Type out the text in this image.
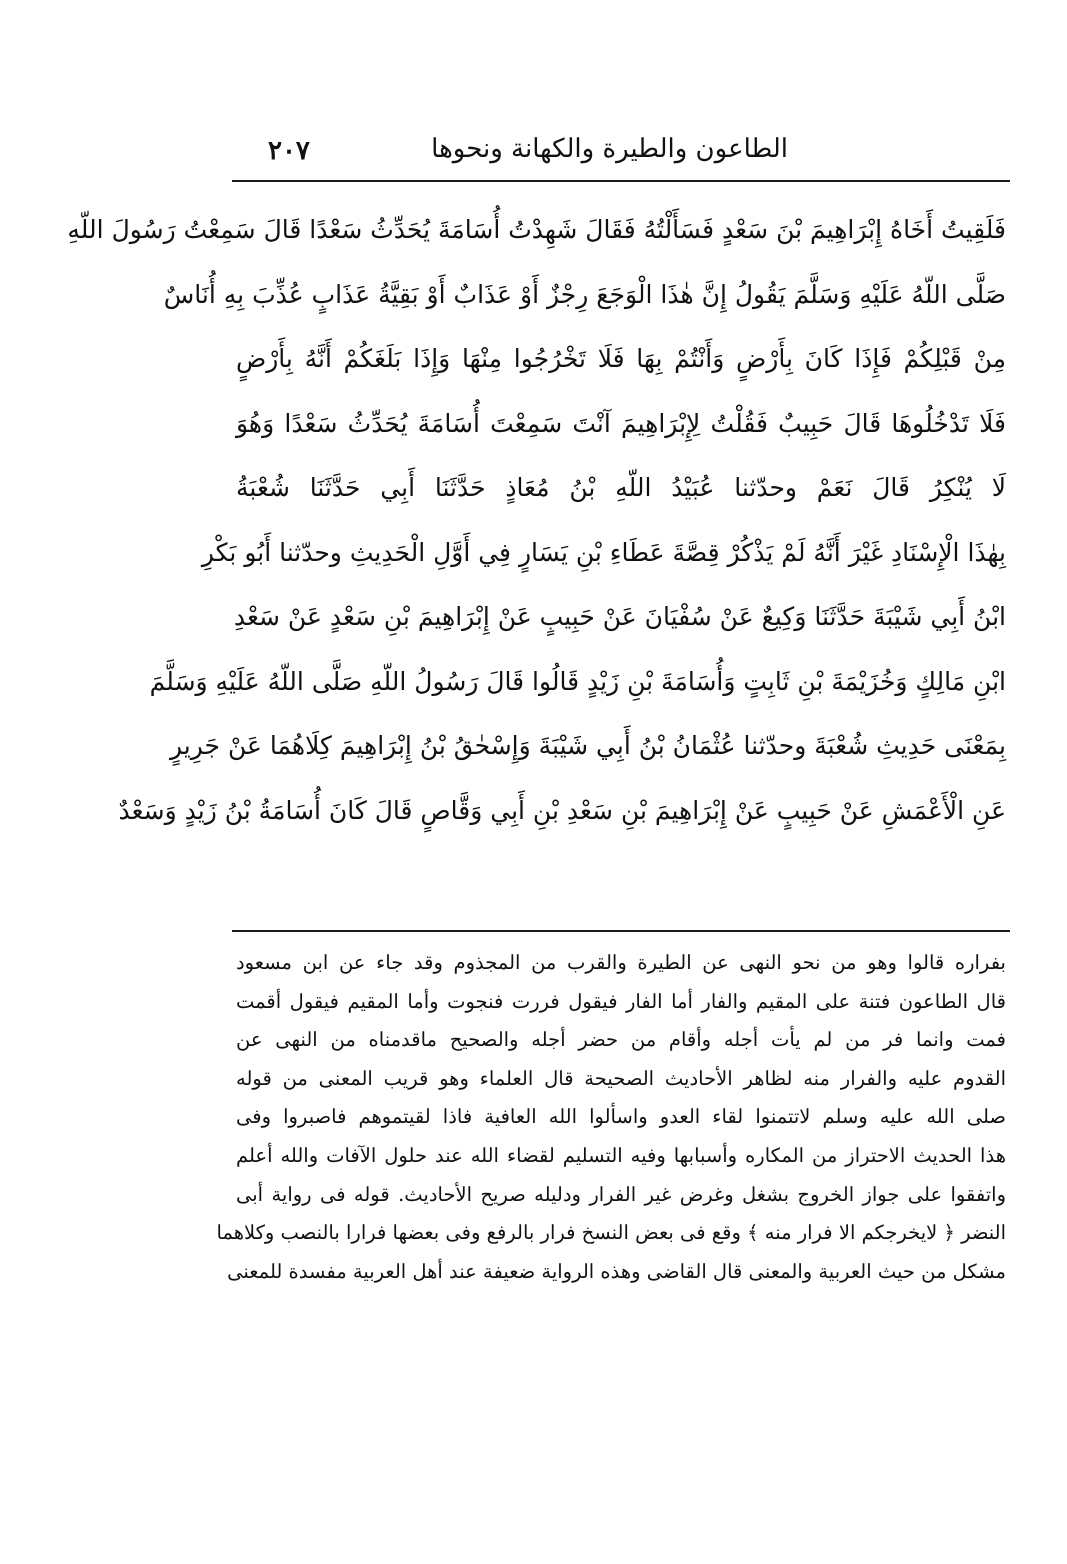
الطاعون والطيرة والكهانة ونحوها
٢٠٧
فَلَقِيتُ أَخَاهُ إِبْرَاهِيمَ بْنَ سَعْدٍ فَسَأَلْتُهُ فَقَالَ شَهِدْتُ أُسَامَةَ يُحَدِّثُ سَعْدًا قَالَ سَمِعْتُ رَسُولَ اللّهِ
صَلَّى اللّهُ عَلَيْهِ وَسَلَّمَ يَقُولُ إِنَّ هٰذَا الْوَجَعَ رِجْزٌ أَوْ عَذَابٌ أَوْ بَقِيَّةُ عَذَابٍ عُذِّبَ بِهِ أُنَاسٌ
مِنْ قَبْلِكُمْ فَإِذَا كَانَ بِأَرْضٍ وَأَنْتُمْ بِهَا فَلَا تَخْرُجُوا مِنْهَا وَإِذَا بَلَغَكُمْ أَنَّهُ بِأَرْضٍ
فَلَا تَدْخُلُوهَا قَالَ حَبِيبٌ فَقُلْتُ لِإِبْرَاهِيمَ آنْتَ سَمِعْتَ أُسَامَةَ يُحَدِّثُ سَعْدًا وَهُوَ
لَا يُنْكِرُ قَالَ نَعَمْ وحدّثنا عُبَيْدُ اللّهِ بْنُ مُعَاذٍ حَدَّثَنَا أَبِي حَدَّثَنَا شُعْبَةُ
بِهٰذَا الْإِسْنَادِ غَيْرَ أَنَّهُ لَمْ يَذْكُرْ قِصَّةَ عَطَاءِ بْنِ يَسَارٍ فِي أَوَّلِ الْحَدِيثِ وحدّثنا أَبُو بَكْرِ
ابْنُ أَبِي شَيْبَةَ حَدَّثَنَا وَكِيعٌ عَنْ سُفْيَانَ عَنْ حَبِيبٍ عَنْ إِبْرَاهِيمَ بْنِ سَعْدٍ عَنْ سَعْدِ
ابْنِ مَالِكٍ وَخُزَيْمَةَ بْنِ ثَابِتٍ وَأُسَامَةَ بْنِ زَيْدٍ قَالُوا قَالَ رَسُولُ اللّهِ صَلَّى اللّهُ عَلَيْهِ وَسَلَّمَ
بِمَعْنَى حَدِيثِ شُعْبَةَ وحدّثنا عُثْمَانُ بْنُ أَبِي شَيْبَةَ وَإِسْحٰقُ بْنُ إِبْرَاهِيمَ كِلَاهُمَا عَنْ جَرِيرٍ
عَنِ الْأَعْمَشِ عَنْ حَبِيبٍ عَنْ إِبْرَاهِيمَ بْنِ سَعْدِ بْنِ أَبِي وَقَّاصٍ قَالَ كَانَ أُسَامَةُ بْنُ زَيْدٍ وَسَعْدٌ
بفراره قالوا وهو من نحو النهى عن الطيرة والقرب من المجذوم وقد جاء عن ابن مسعود
قال الطاعون فتنة على المقيم والفار أما الفار فيقول فررت فنجوت وأما المقيم فيقول أقمت
فمت وانما فر من لم يأت أجله وأقام من حضر أجله والصحيح ماقدمناه من النهى عن
القدوم عليه والفرار منه لظاهر الأحاديث الصحيحة قال العلماء وهو قريب المعنى من قوله
صلى الله عليه وسلم لاتتمنوا لقاء العدو واسألوا الله العافية فاذا لقيتموهم فاصبروا وفى
هذا الحديث الاحتراز من المكاره وأسبابها وفيه التسليم لقضاء الله عند حلول الآفات والله أعلم
واتفقوا على جواز الخروج بشغل وغرض غير الفرار ودليله صريح الأحاديث. قوله فى رواية أبى
النضر ﴿ لايخرجكم الا فرار منه ﴾ وقع فى بعض النسخ فرار بالرفع وفى بعضها فرارا بالنصب وكلاهما
مشكل من حيث العربية والمعنى قال القاضى وهذه الرواية ضعيفة عند أهل العربية مفسدة للمعنى
